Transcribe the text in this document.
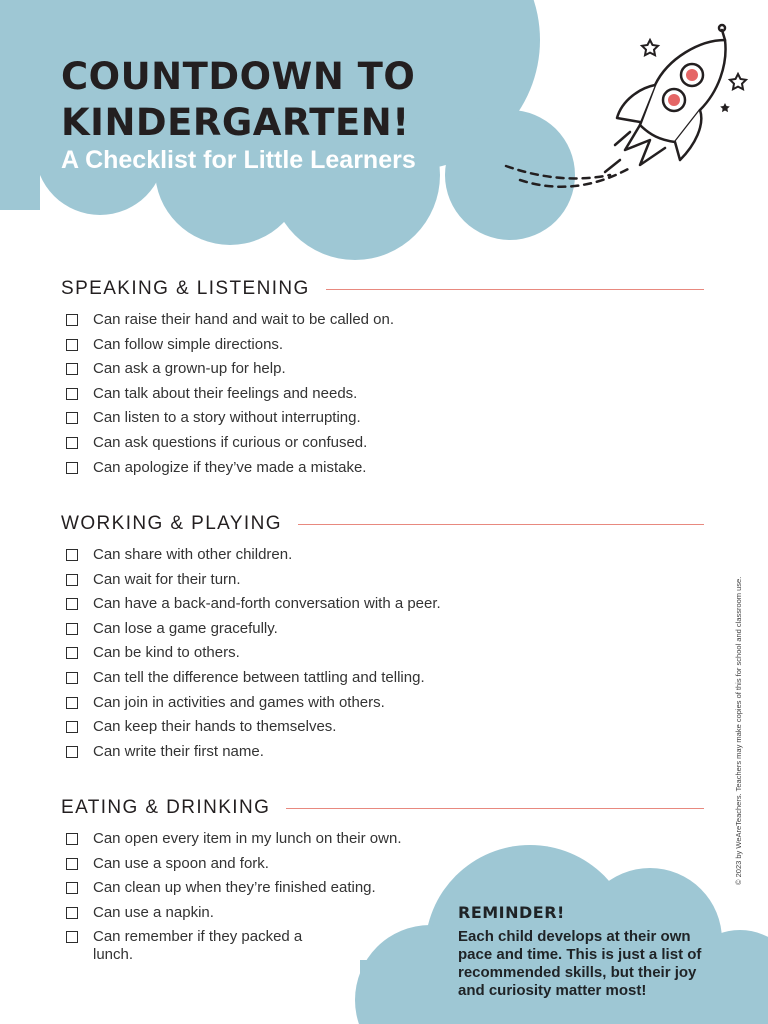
COUNTDOWN TO
KINDERGARTEN!

A Checklist for Little Learners

SPEAKING & LISTENING
Can raise their hand and wait to be called on.
Can follow simple directions.
Can ask a grown-up for help.
Can talk about their feelings and needs.
Can listen to a story without interrupting.
Can ask questions if curious or confused.
Can apologize if they’ve made a mistake.
WORKING & PLAYING
Can share with other children.
Can wait for their turn.
Can have a back-and-forth conversation with a peer.
Can lose a game gracefully.
Can be kind to others.
Can tell the difference between tattling and telling.
Can join in activities and games with others.
Can keep their hands to themselves.
Can write their first name.
EATING & DRINKING
Can open every item in my lunch on their own.
Can use a spoon and fork.
Can clean up when they’re finished eating.
Can use a napkin.
Can remember if they packed a lunch.
REMINDER!

Each child develops at their own pace and time. This is just a list of recommended skills, but their joy and curiosity matter most!

© 2023 by WeAreTeachers. Teachers may make copies of this for school and classroom use.
